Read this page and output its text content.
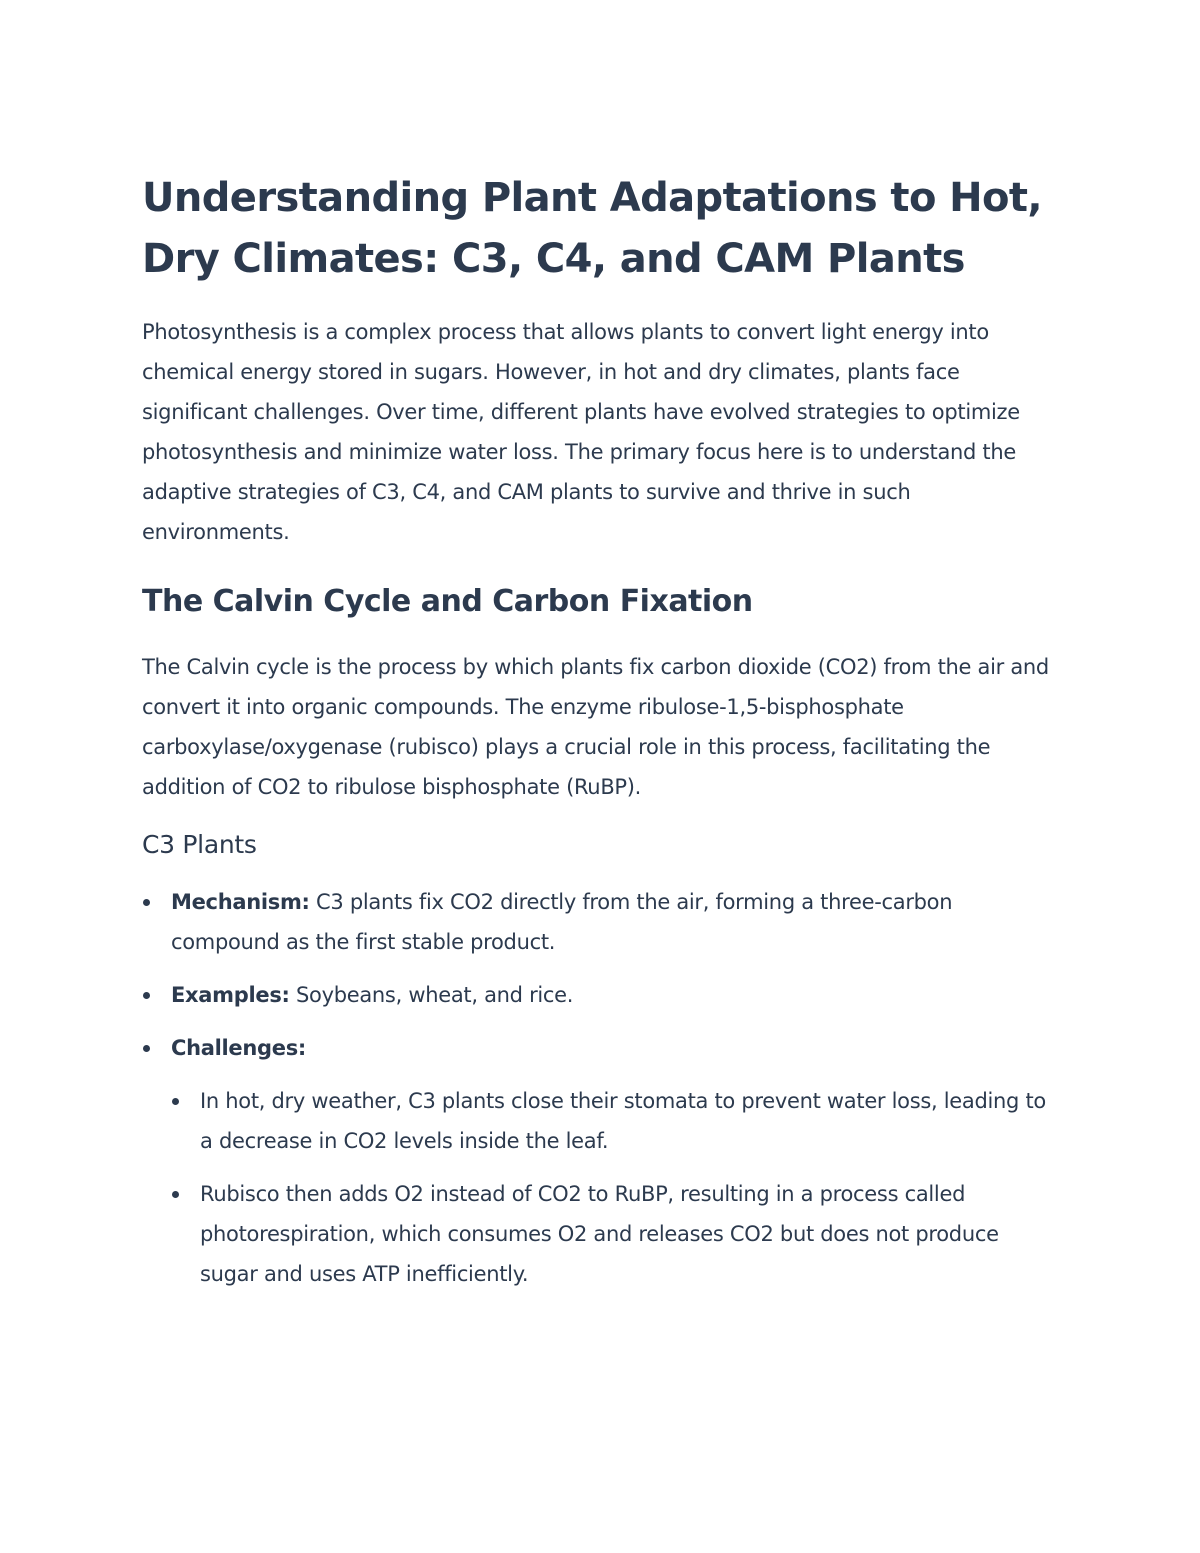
Understanding Plant Adaptations to Hot, Dry Climates: C3, C4, and CAM Plants

Photosynthesis is a complex process that allows plants to convert light energy into chemical energy stored in sugars. However, in hot and dry climates, plants face significant challenges. Over time, different plants have evolved strategies to optimize photosynthesis and minimize water loss. The primary focus here is to understand the adaptive strategies of C3, C4, and CAM plants to survive and thrive in such environments.

The Calvin Cycle and Carbon Fixation

The Calvin cycle is the process by which plants fix carbon dioxide (CO2) from the air and convert it into organic compounds. The enzyme ribulose-1,5-bisphosphate carboxylase/oxygenase (rubisco) plays a crucial role in this process, facilitating the addition of CO2 to ribulose bisphosphate (RuBP).

C3 Plants
Mechanism: C3 plants fix CO2 directly from the air, forming a three-carbon compound as the first stable product.
Examples: Soybeans, wheat, and rice.
Challenges:
In hot, dry weather, C3 plants close their stomata to prevent water loss, leading to a decrease in CO2 levels inside the leaf.
Rubisco then adds O2 instead of CO2 to RuBP, resulting in a process called photorespiration, which consumes O2 and releases CO2 but does not produce sugar and uses ATP inefficiently.
